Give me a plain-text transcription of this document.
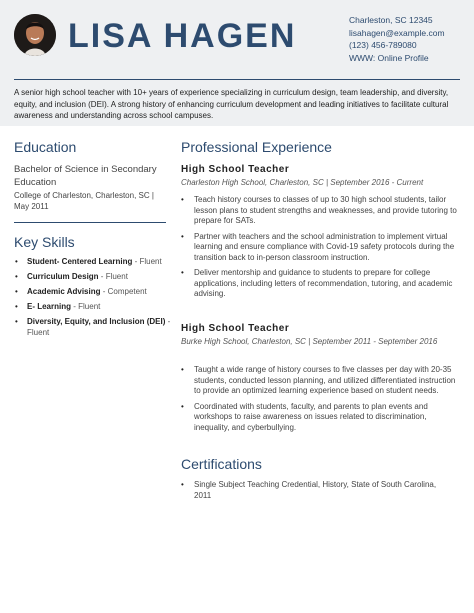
LISA HAGEN	Charleston, SC 12345
lisahagen@example.com
(123) 456-789080
WWW: Online Profile
A senior high school teacher with 10+ years of experience specializing in curriculum design, team leadership, and diversity, equity, and inclusion (DEI). A strong history of enhancing curriculum development and leading initiatives to facilitate cultural awareness and understanding across school campuses.
Education
Bachelor of Science in Secondary Education
College of Charleston, Charleston, SC | May 2011
Key Skills
• Student- Centered Learning - Fluent
• Curriculum Design - Fluent
• Academic Advising - Competent
• E- Learning - Fluent
• Diversity, Equity, and Inclusion (DEI) - Fluent
Professional Experience
High School Teacher
Charleston High School, Charleston, SC | September 2016 - Current
• Teach history courses to classes of up to 30 high school students, tailor lesson plans to student strengths and weaknesses, and provide tutoring to prepare for SATs.
• Partner with teachers and the school administration to implement virtual learning and ensure compliance with Covid-19 safety protocols during the transition back to in-person classroom instruction.
• Deliver mentorship and guidance to students to prepare for college applications, including letters of recommendation, tutoring, and academic advising.
High School Teacher
Burke High School, Charleston, SC | September 2011 - September 2016
• Taught a wide range of history courses to five classes per day with 20-35 students, conducted lesson planning, and utilized differentiated instruction to provide an optimized learning experience based on student needs.
• Coordinated with students, faculty, and parents to plan events and workshops to raise awareness on issues related to discrimination, inequality, and cyberbullying.
Certifications
• Single Subject Teaching Credential, History, State of South Carolina, 2011
